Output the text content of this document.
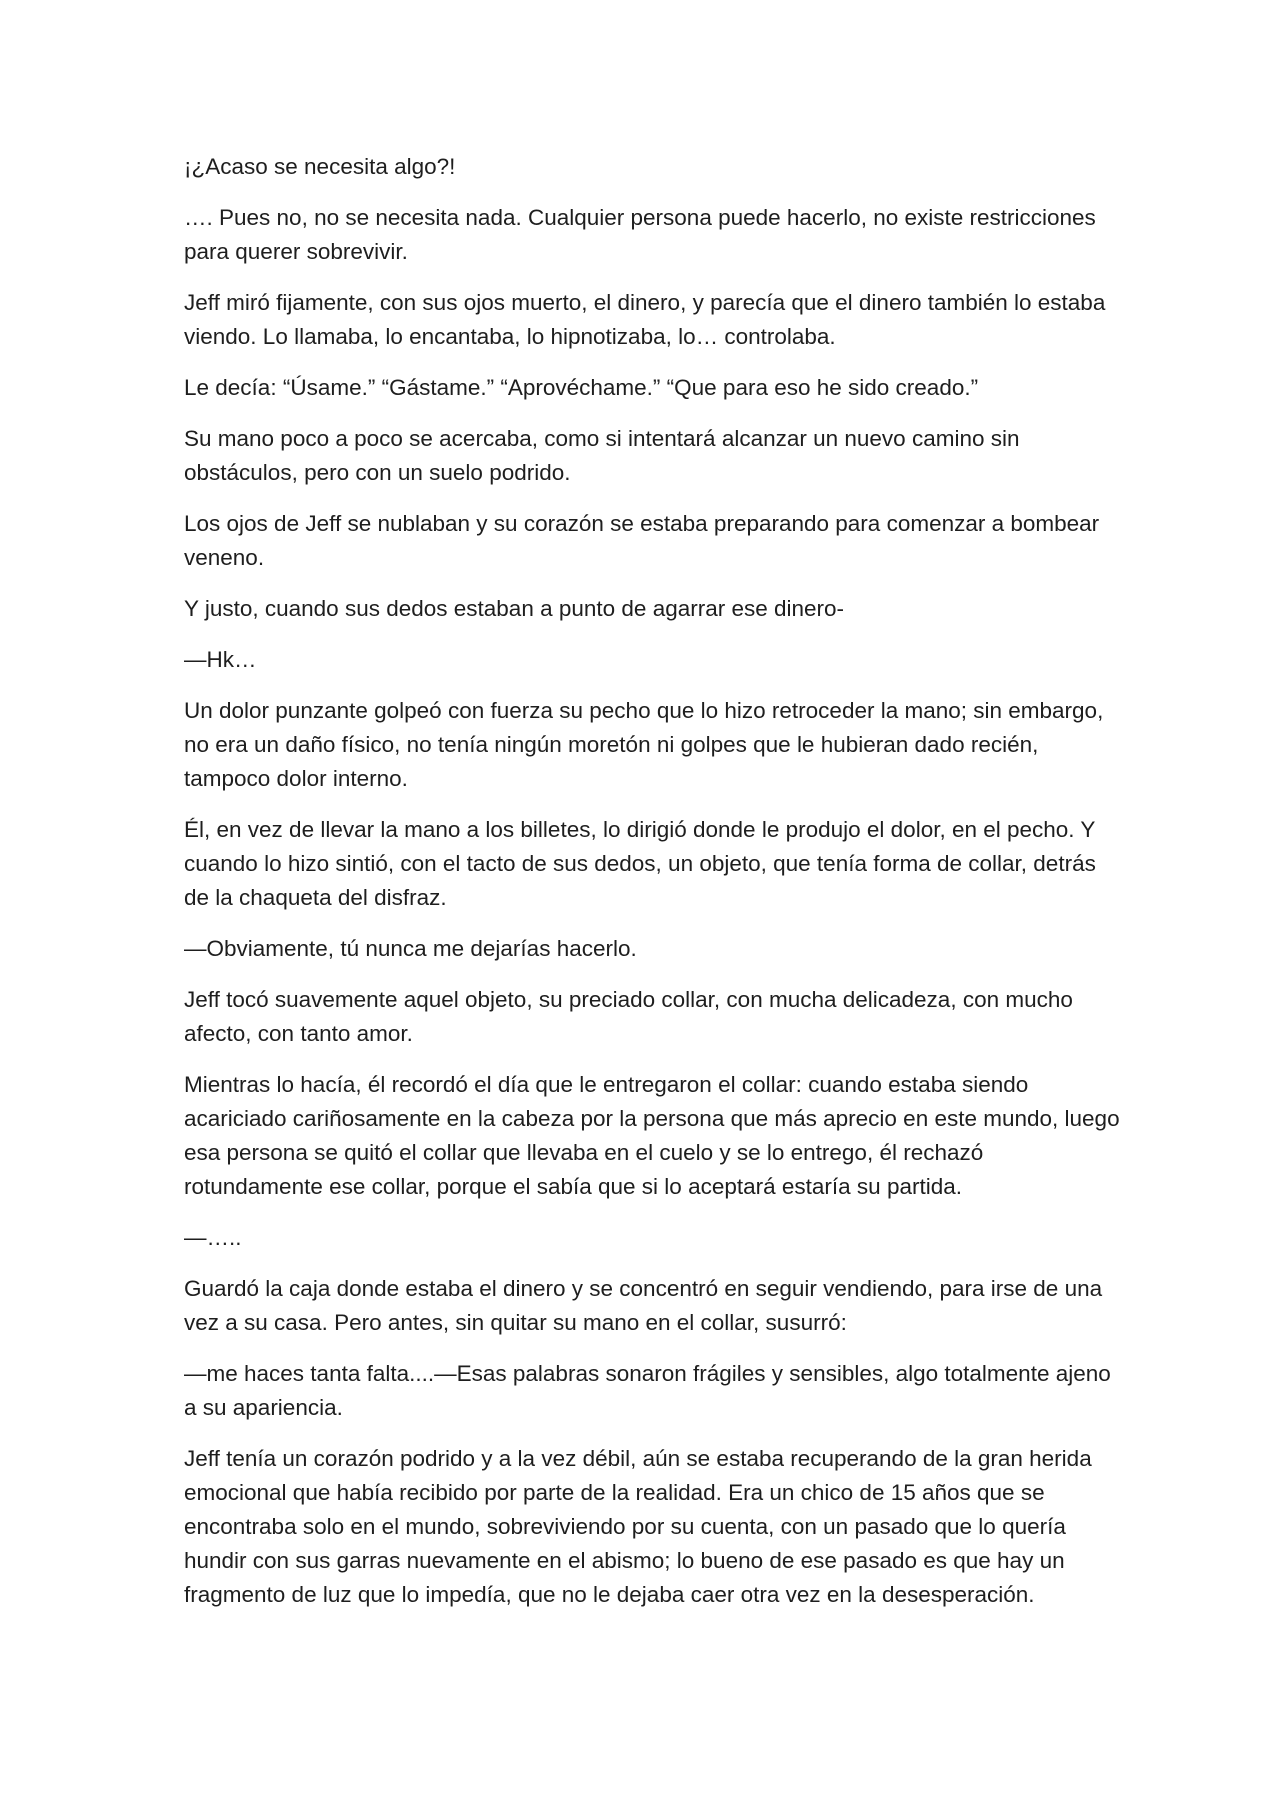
¡¿Acaso se necesita algo?!

…. Pues no, no se necesita nada. Cualquier persona puede hacerlo, no existe restricciones para querer sobrevivir.

Jeff miró fijamente, con sus ojos muerto, el dinero, y parecía que el dinero también lo estaba viendo. Lo llamaba, lo encantaba, lo hipnotizaba, lo… controlaba.

Le decía: “Úsame.” “Gástame.” “Aprovéchame.” “Que para eso he sido creado.”

Su mano poco a poco se acercaba, como si intentará alcanzar un nuevo camino sin obstáculos, pero con un suelo podrido.

Los ojos de Jeff se nublaban y su corazón se estaba preparando para comenzar a bombear veneno.

Y justo, cuando sus dedos estaban a punto de agarrar ese dinero-

—Hk…

Un dolor punzante golpeó con fuerza su pecho que lo hizo retroceder la mano; sin embargo, no era un daño físico, no tenía ningún moretón ni golpes que le hubieran dado recién, tampoco dolor interno.

Él, en vez de llevar la mano a los billetes, lo dirigió donde le produjo el dolor, en el pecho. Y cuando lo hizo sintió, con el tacto de sus dedos, un objeto, que tenía forma de collar, detrás de la chaqueta del disfraz.

—Obviamente, tú nunca me dejarías hacerlo.

Jeff tocó suavemente aquel objeto, su preciado collar, con mucha delicadeza, con mucho afecto, con tanto amor.

Mientras lo hacía, él recordó el día que le entregaron el collar: cuando estaba siendo acariciado cariñosamente en la cabeza por la persona que más aprecio en este mundo, luego esa persona se quitó el collar que llevaba en el cuelo y se lo entrego, él rechazó rotundamente ese collar, porque el sabía que si lo aceptará estaría su partida.

—…..

Guardó la caja donde estaba el dinero y se concentró en seguir vendiendo, para irse de una vez a su casa. Pero antes, sin quitar su mano en el collar, susurró:

—me haces tanta falta....—Esas palabras sonaron frágiles y sensibles, algo totalmente ajeno a su apariencia.

Jeff tenía un corazón podrido y a la vez débil, aún se estaba recuperando de la gran herida emocional que había recibido por parte de la realidad. Era un chico de 15 años que se encontraba solo en el mundo, sobreviviendo por su cuenta, con un pasado que lo quería hundir con sus garras nuevamente en el abismo; lo bueno de ese pasado es que hay un fragmento de luz que lo impedía, que no le dejaba caer otra vez en la desesperación.
